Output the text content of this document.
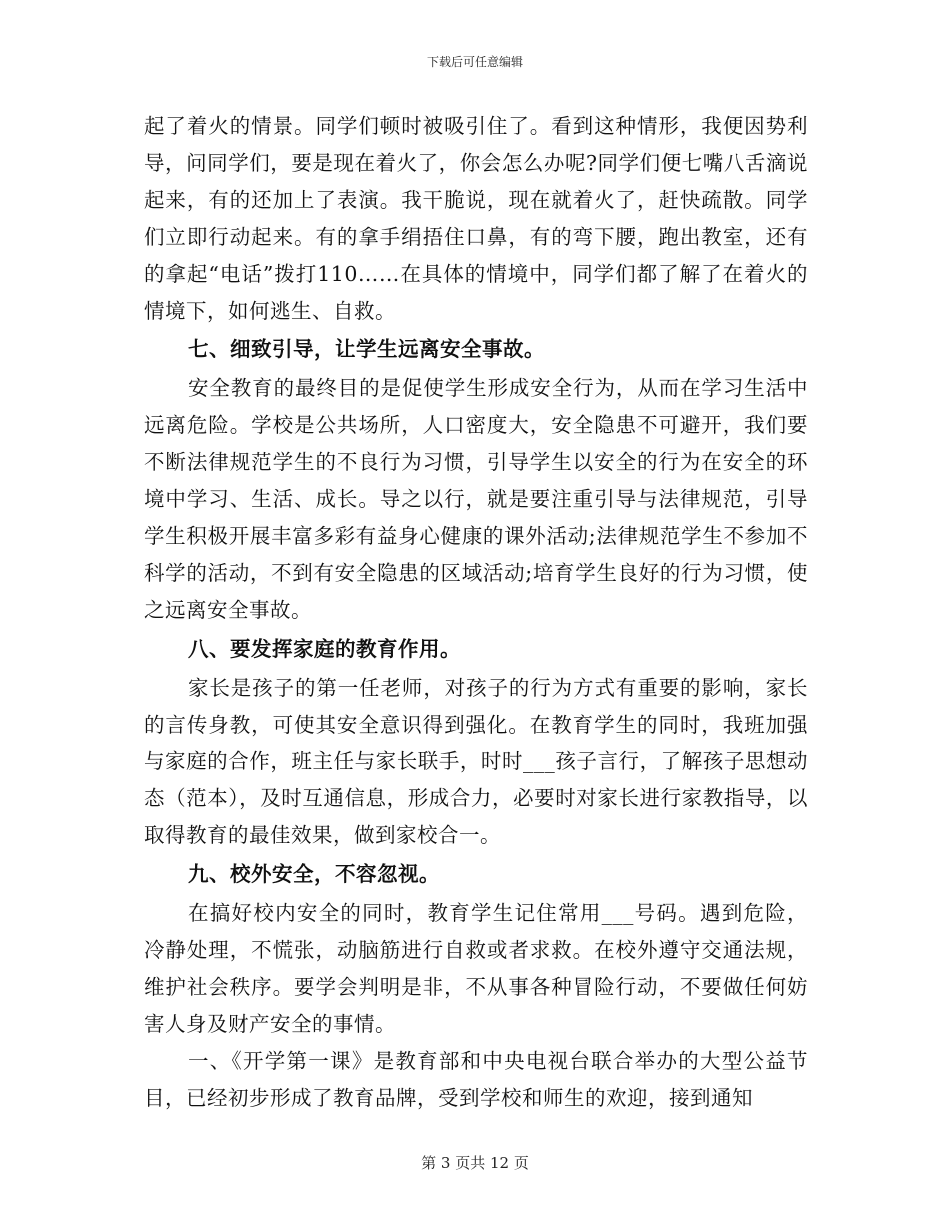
下载后可任意编辑

起了着火的情景。同学们顿时被吸引住了。看到这种情形，我便因势利导，问同学们，要是现在着火了，你会怎么办呢?同学们便七嘴八舌滴说起来，有的还加上了表演。我干脆说，现在就着火了，赶快疏散。同学们立即行动起来。有的拿手绢捂住口鼻，有的弯下腰，跑出教室，还有的拿起“电话”拨打110……在具体的情境中，同学们都了解了在着火的情境下，如何逃生、自救。

七、细致引导，让学生远离安全事故。

安全教育的最终目的是促使学生形成安全行为，从而在学习生活中远离危险。学校是公共场所，人口密度大，安全隐患不可避开，我们要不断法律规范学生的不良行为习惯，引导学生以安全的行为在安全的环境中学习、生活、成长。导之以行，就是要注重引导与法律规范，引导学生积极开展丰富多彩有益身心健康的课外活动;法律规范学生不参加不科学的活动，不到有安全隐患的区域活动;培育学生良好的行为习惯，使之远离安全事故。

八、要发挥家庭的教育作用。

家长是孩子的第一任老师，对孩子的行为方式有重要的影响，家长的言传身教，可使其安全意识得到强化。在教育学生的同时，我班加强与家庭的合作，班主任与家长联手，时时___孩子言行，了解孩子思想动态（范本），及时互通信息，形成合力，必要时对家长进行家教指导，以取得教育的最佳效果，做到家校合一。

九、校外安全，不容忽视。

在搞好校内安全的同时，教育学生记住常用___号码。遇到危险，冷静处理，不慌张，动脑筋进行自救或者求救。在校外遵守交通法规，维护社会秩序。要学会判明是非，不从事各种冒险行动，不要做任何妨害人身及财产安全的事情。

一、《开学第一课》是教育部和中央电视台联合举办的大型公益节目，已经初步形成了教育品牌，受到学校和师生的欢迎，接到通知

第 3 页共 12 页
